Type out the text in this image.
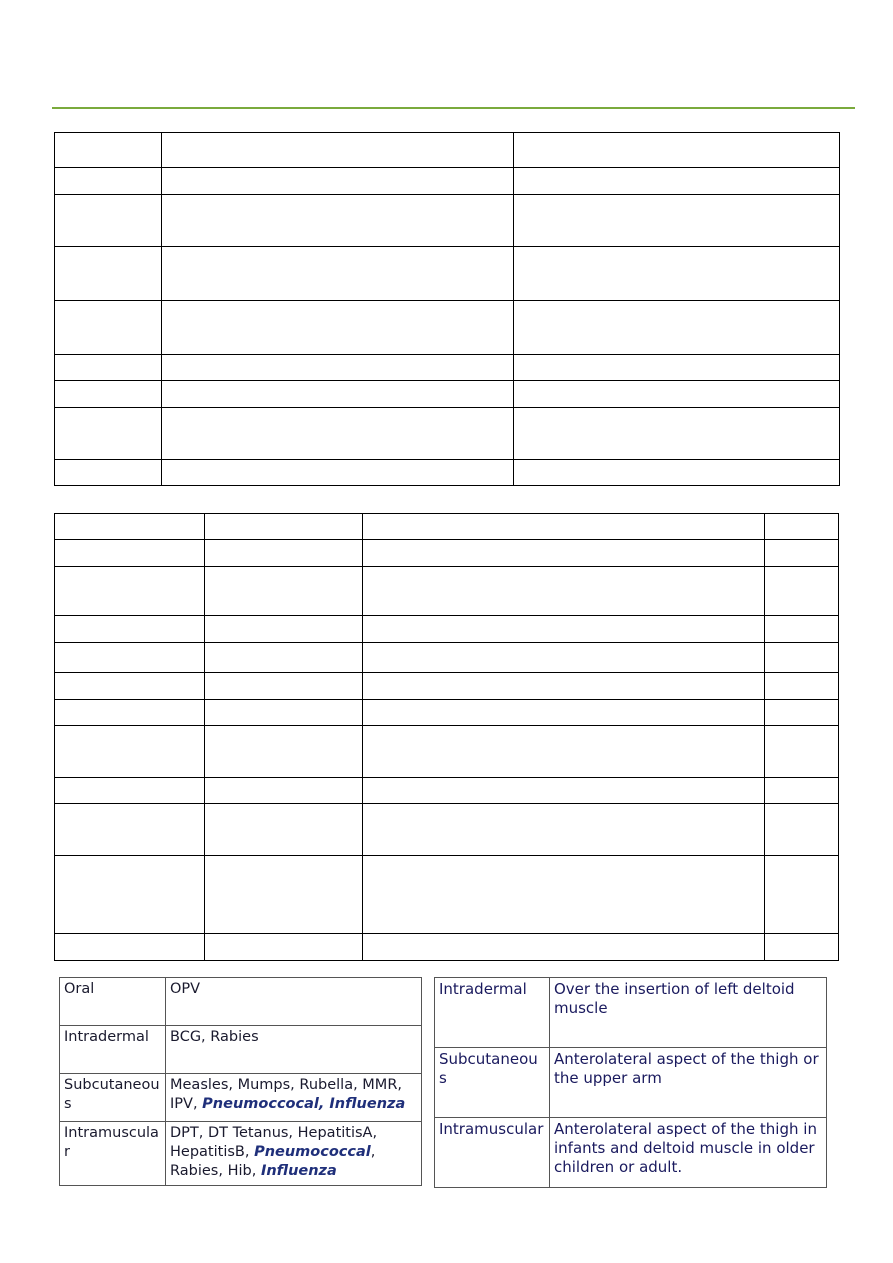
Oral	OPV
Intradermal	BCG, Rabies
Subcutaneous	Measles, Mumps, Rubella, MMR, IPV, Pneumoccocal, Influenza
Intramuscular	DPT, DT Tetanus, HepatitisA, HepatitisB, Pneumococcal, Rabies, Hib, Influenza
Intradermal	Over the insertion of left deltoid muscle
Subcutaneous	Anterolateral aspect of the thigh or the upper arm
Intramuscular	Anterolateral aspect of the thigh in infants and deltoid muscle in older children or adult.
